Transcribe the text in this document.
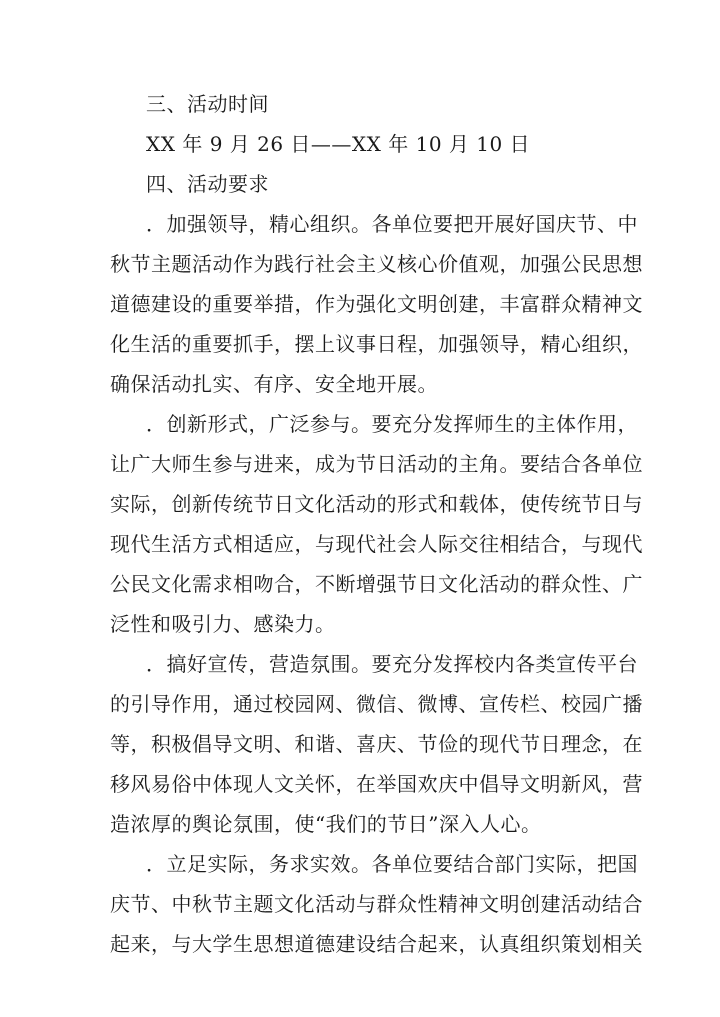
三、活动时间
XX 年 9 月 26 日——XX 年 10 月 10 日
四、活动要求
．加强领导，精心组织。各单位要把开展好国庆节、中
秋节主题活动作为践行社会主义核心价值观，加强公民思想
道德建设的重要举措，作为强化文明创建，丰富群众精神文
化生活的重要抓手，摆上议事日程，加强领导，精心组织，
确保活动扎实、有序、安全地开展。
．创新形式，广泛参与。要充分发挥师生的主体作用，
让广大师生参与进来，成为节日活动的主角。要结合各单位
实际，创新传统节日文化活动的形式和载体，使传统节日与
现代生活方式相适应，与现代社会人际交往相结合，与现代
公民文化需求相吻合，不断增强节日文化活动的群众性、广
泛性和吸引力、感染力。
．搞好宣传，营造氛围。要充分发挥校内各类宣传平台
的引导作用，通过校园网、微信、微博、宣传栏、校园广播
等，积极倡导文明、和谐、喜庆、节俭的现代节日理念，在
移风易俗中体现人文关怀，在举国欢庆中倡导文明新风，营
造浓厚的舆论氛围，使“我们的节日”深入人心。
．立足实际，务求实效。各单位要结合部门实际，把国
庆节、中秋节主题文化活动与群众性精神文明创建活动结合
起来，与大学生思想道德建设结合起来，认真组织策划相关
